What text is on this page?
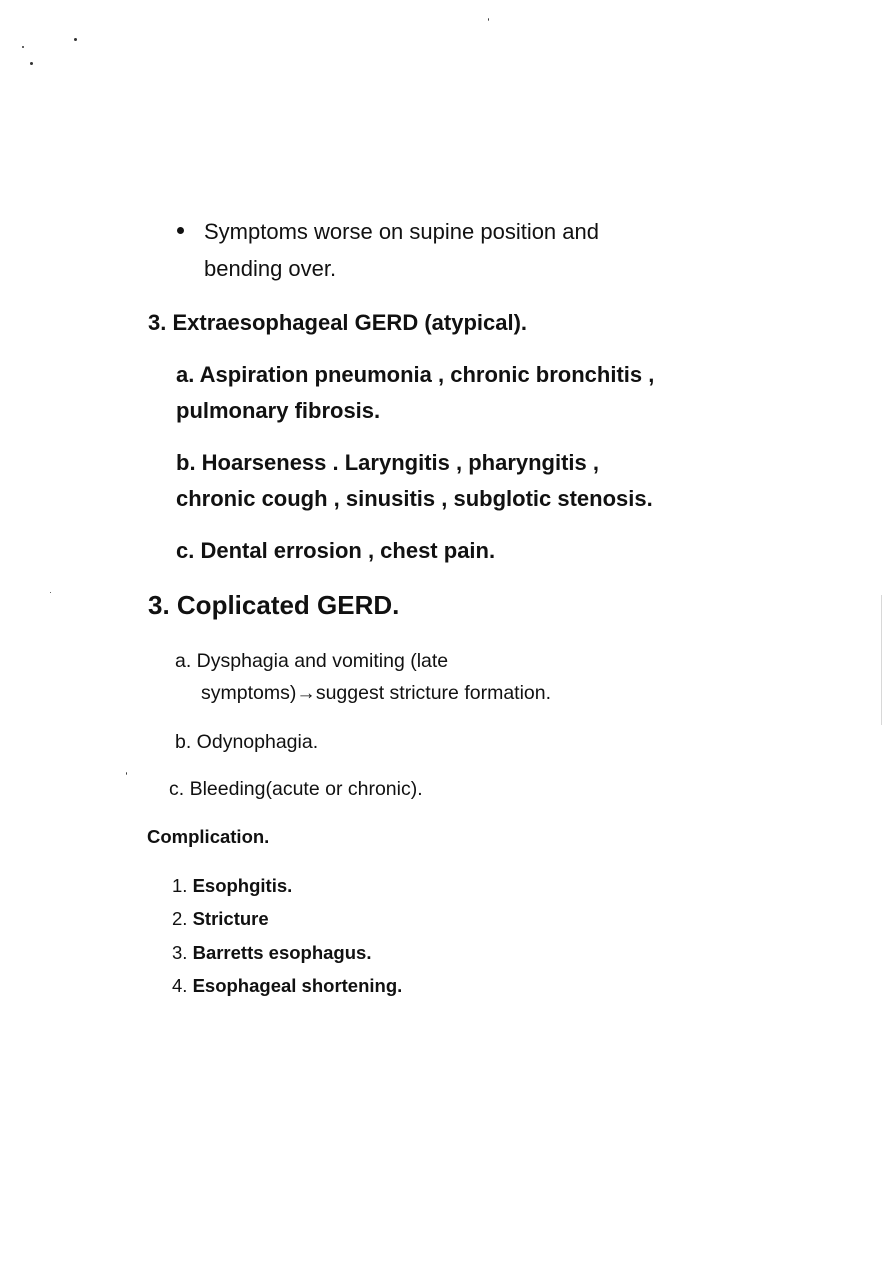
Symptoms worse on supine position and
bending over.
3. Extraesophageal GERD (atypical).
a. Aspiration pneumonia , chronic bronchitis ,
pulmonary fibrosis.
b. Hoarseness . Laryngitis , pharyngitis ,
chronic cough , sinusitis , subglotic stenosis.
c. Dental errosion , chest pain.
3. Coplicated GERD.
a. Dysphagia and vomiting (late
symptoms)→suggest stricture formation.
b. Odynophagia.
c. Bleeding(acute or chronic).
Complication.
1. Esophgitis.
2. Stricture
3. Barretts esophagus.
4. Esophageal shortening.
